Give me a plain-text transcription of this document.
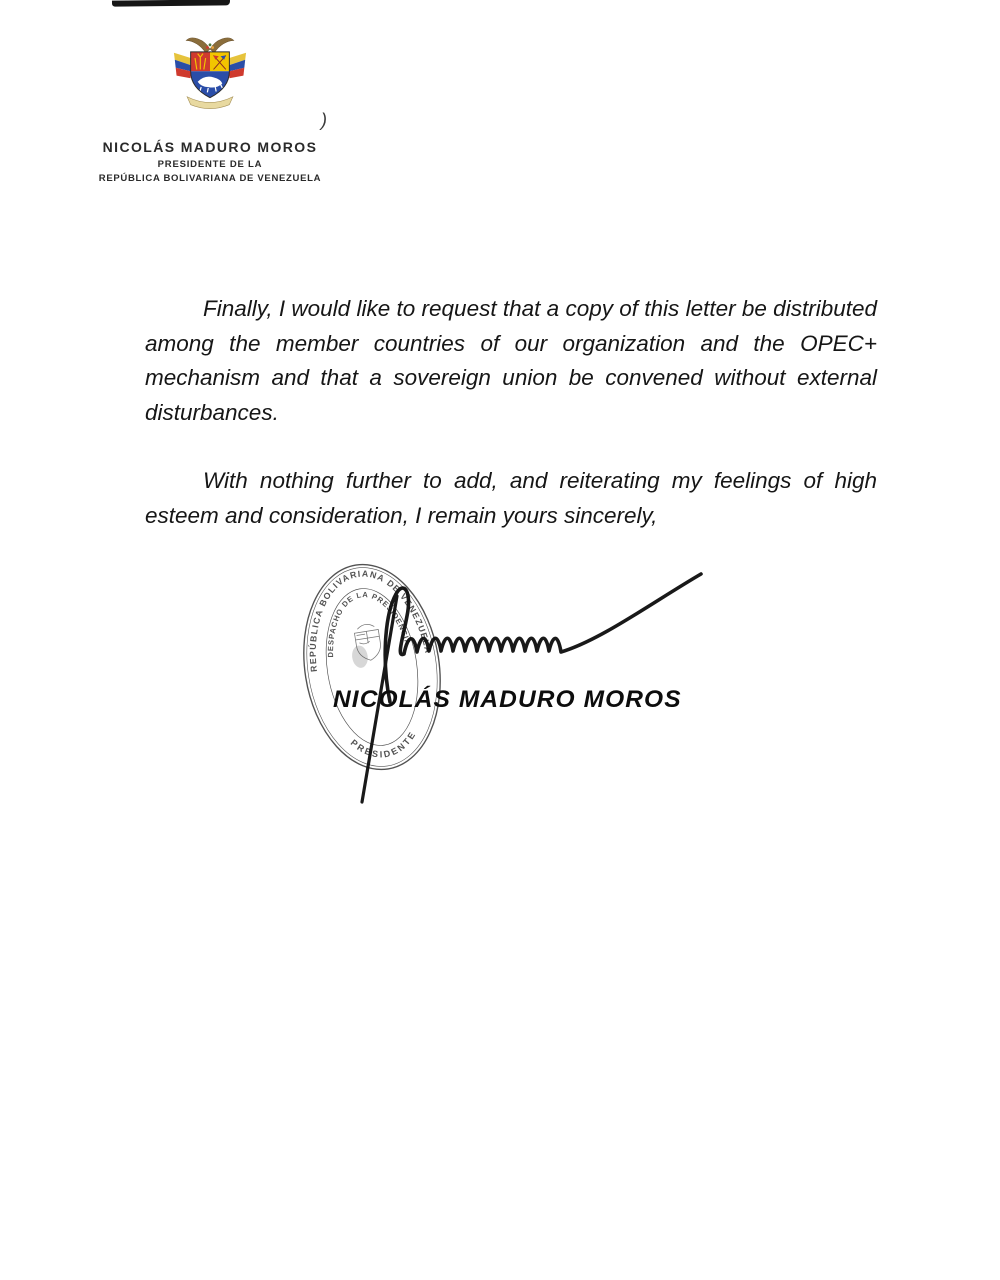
NICOLÁS MADURO MOROS
PRESIDENTE DE LA
REPÚBLICA BOLIVARIANA DE VENEZUELA
)

Finally, I would like to request that a copy of this letter be distributed among the member countries of our organization and the OPEC+ mechanism and that a sovereign union be convened without external disturbances.

With nothing further to add, and reiterating my feelings of high esteem and consideration, I remain yours sincerely,

REPÚBLICA BOLIVARIANA DE VENEZUELA
DESPACHO DE LA PRESIDENCIA
PRESIDENTE
NICOLÁS MADURO MOROS
